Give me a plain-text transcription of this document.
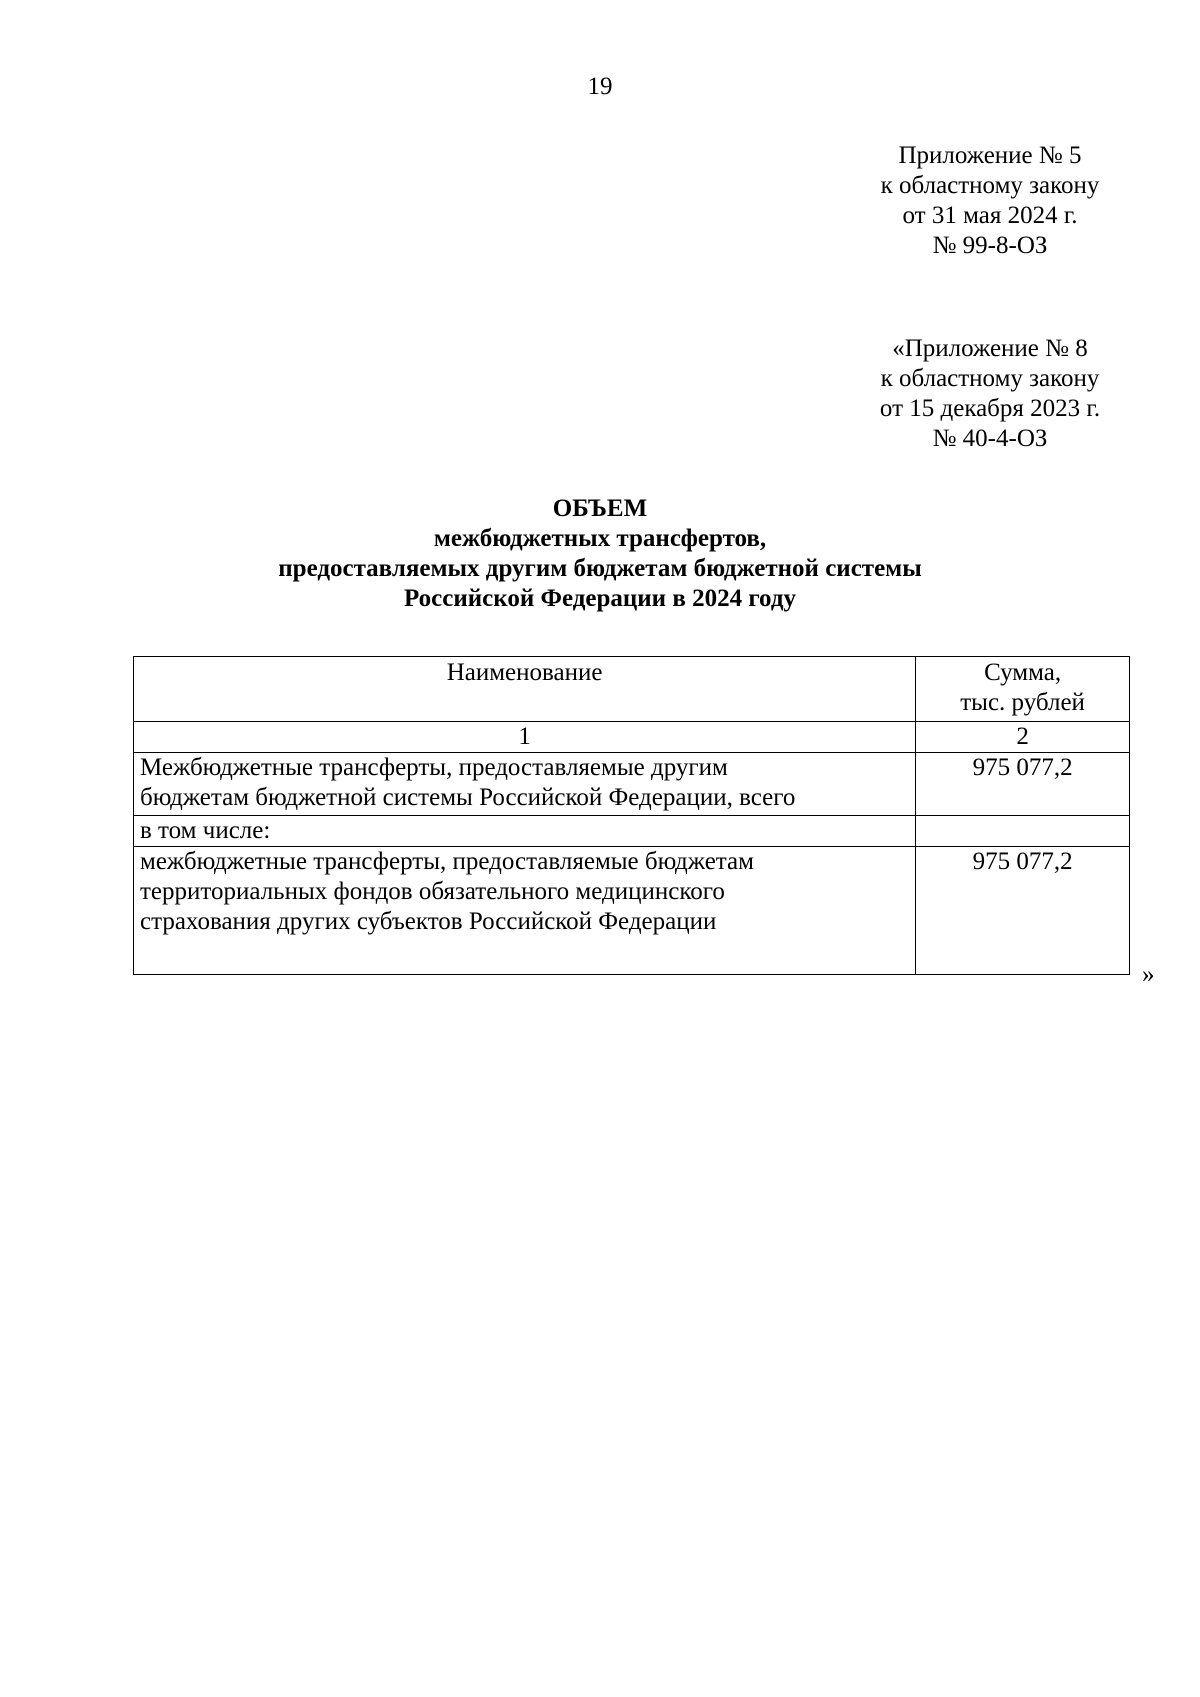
19
Приложение № 5
к областному закону
от 31 мая 2024 г.
№ 99-8-ОЗ
«Приложение № 8
к областному закону
от 15 декабря 2023 г.
№ 40-4-ОЗ
ОБЪЕМ
межбюджетных трансфертов,
предоставляемых другим бюджетам бюджетной системы
Российской Федерации в 2024 году
Наименование	Сумма,
тыс. рублей

1	2

Межбюджетные трансферты, предоставляемые другим
бюджетам бюджетной системы Российской Федерации, всего	975 077,2

в том числе:	

межбюджетные трансферты, предоставляемые бюджетам
территориальных фондов обязательного медицинского
страхования других субъектов Российской Федерации	975 077,2
»
